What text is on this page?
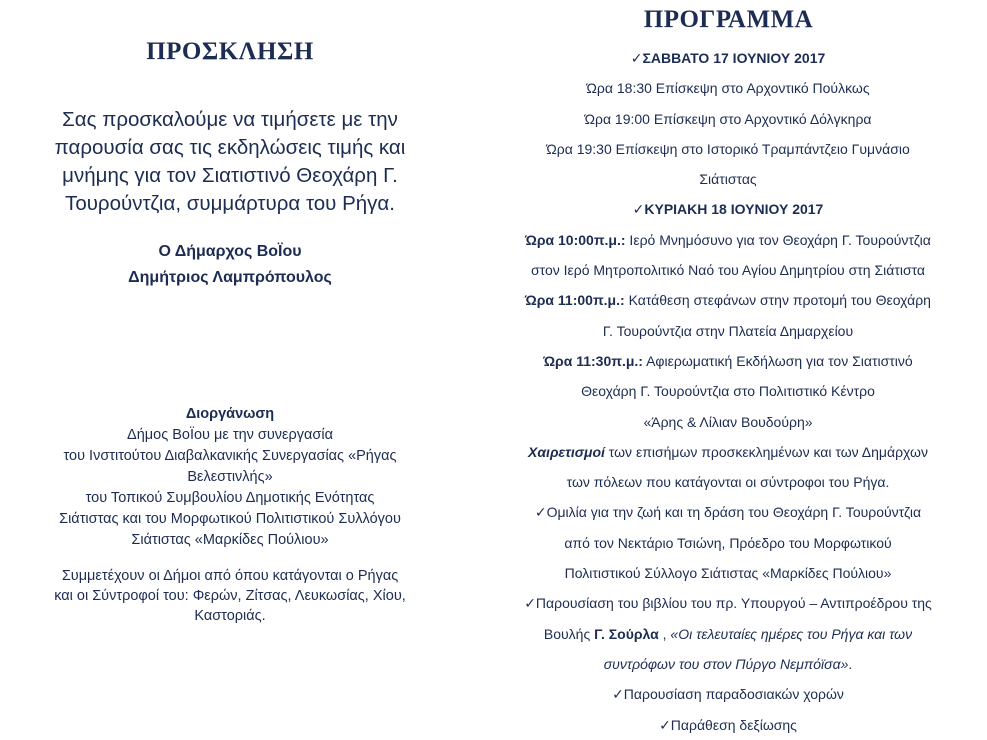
ΠΡΟΣΚΛΗΣΗ
Σας προσκαλούμε να τιμήσετε με την
παρουσία σας τις εκδηλώσεις τιμής και
μνήμης για τον Σιατιστινό Θεοχάρη Γ.
Τουρούντζια, συμμάρτυρα του Ρήγα.
Ο Δήμαρχος ΒοΪου
Δημήτριος Λαμπρόπουλος
Διοργάνωση
Δήμος ΒοΪου με την συνεργασία
του Ινστιτούτου Διαβαλκανικής Συνεργασίας «Ρήγας
Βελεστινλής»
του Τοπικού Συμβουλίου Δημοτικής Ενότητας
Σιάτιστας και του Μορφωτικού Πολιτιστικού Συλλόγου
Σιάτιστας «Μαρκίδες Πούλιου»
Συμμετέχουν οι Δήμοι από όπου κατάγονται ο Ρήγας
και οι Σύντροφοί του: Φερών, Ζίτσας, Λευκωσίας, Χίου,
Καστοριάς.
ΠΡΟΓΡΑΜΜΑ
✓ΣΑΒΒΑΤΟ 17 ΙΟΥΝΙΟΥ 2017
Ώρα 18:30 Επίσκεψη στο Αρχοντικό Πούλκως
Ώρα 19:00 Επίσκεψη στο Αρχοντικό Δόλγκηρα
Ώρα 19:30 Επίσκεψη στο Ιστορικό Τραμπάντζειο Γυμνάσιο
Σιάτιστας
✓ΚΥΡΙΑΚΗ 18 ΙΟΥΝΙΟΥ 2017
Ώρα 10:00π.μ.: Ιερό Μνημόσυνο για τον Θεοχάρη Γ. Τουρούντζια
στον Ιερό Μητροπολιτικό Ναό του Αγίου Δημητρίου στη Σιάτιστα
Ώρα 11:00π.μ.: Κατάθεση στεφάνων στην προτομή του Θεοχάρη
Γ. Τουρούντζια στην Πλατεία Δημαρχείου
Ώρα 11:30π.μ.: Αφιερωματική Εκδήλωση για τον Σιατιστινό
Θεοχάρη Γ. Τουρούντζια στο Πολιτιστικό Κέντρο
«Άρης & Λίλιαν Βουδούρη»
Χαιρετισμοί των επισήμων προσκεκλημένων και των Δημάρχων
των πόλεων που κατάγονται οι σύντροφοι του Ρήγα.
✓Ομιλία για την ζωή και τη δράση του Θεοχάρη Γ. Τουρούντζια
από τον Νεκτάριο Τσιώνη, Πρόεδρο του Μορφωτικού
Πολιτιστικού Σύλλογο Σιάτιστας «Μαρκίδες Πούλιου»
✓Παρουσίαση του βιβλίου του πρ. Υπουργού – Αντιπροέδρου της
Βουλής Γ. Σούρλα , «Οι τελευταίες ημέρες του Ρήγα και των
συντρόφων του στον Πύργο Νεμπόϊσα».
✓Παρουσίαση παραδοσιακών χορών
✓Παράθεση δεξίωσης
